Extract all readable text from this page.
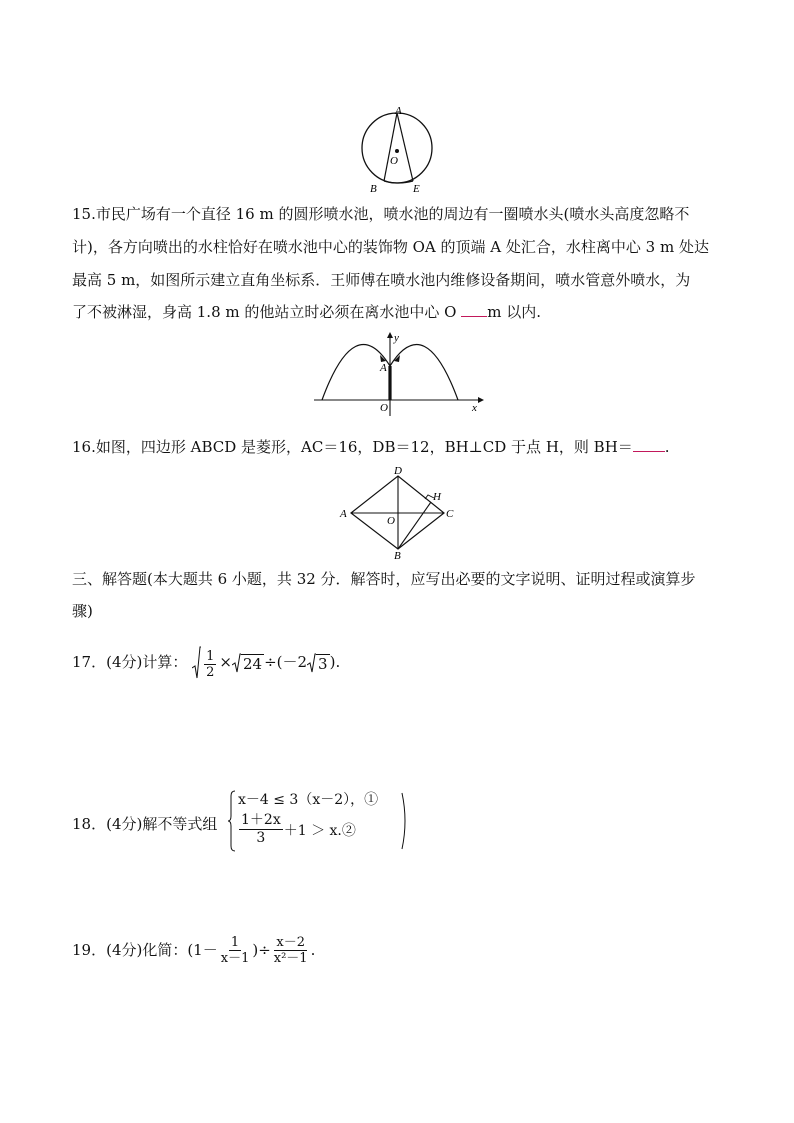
A
O
B	E
15.市民广场有一个直径 16 m 的圆形喷水池，喷水池的周边有一圈喷水头(喷水头高度忽略不
计)，各方向喷出的水柱恰好在喷水池中心的装饰物 OA 的顶端 A 处汇合，水柱离中心 3 m 处达
最高 5 m，如图所示建立直角坐标系．王师傅在喷水池内维修设备期间，喷水管意外喷水，为
了不被淋湿，身高 1.8 m 的他站立时必须在离水池中心 O m 以内.
y
A
O	x
16.如图，四边形 ABCD 是菱形，AC＝16，DB＝12，BH⊥CD 于点 H，则 BH＝ .
D
H
A
O
C
B
三、解答题(本大题共 6 小题，共 32 分．解答时，应写出必要的文字说明、证明过程或演算步
骤)
17．(4分)计算： $\frac{1}{2} \times 24 \div(-2$ 3 ).
18．(4分)解不等式组
x－4 ≤ 3（x－2），①
$\frac{1+2x}{3} +1$ ＞ x.②
19．(4分)化简：($1- \frac{1}{x-1}$ )÷ $\frac{x-2}{\text{x²－1}}$ .
